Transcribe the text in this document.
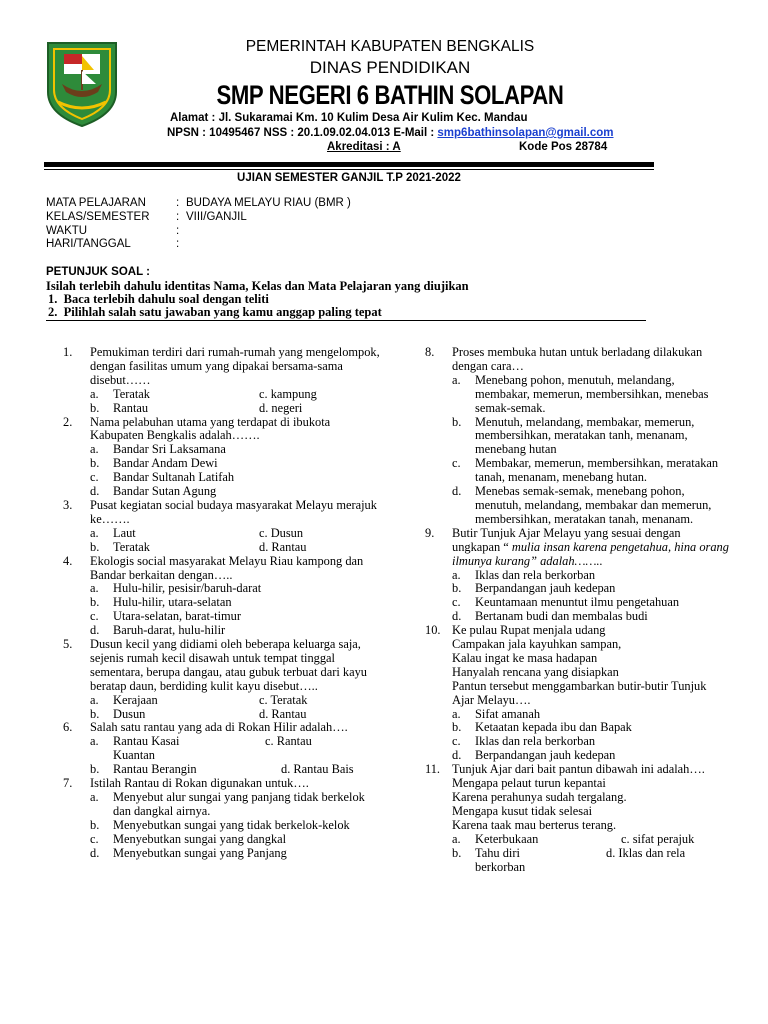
PEMERINTAH KABUPATEN BENGKALIS
DINAS PENDIDIKAN
SMP NEGERI 6 BATHIN SOLAPAN
Alamat : Jl. Sukaramai Km. 10 Kulim Desa Air Kulim Kec. Mandau
NPSN : 10495467 NSS : 20.1.09.02.04.013 E-Mail : smp6bathinsolapan@gmail.com
Akreditasi : A	Kode Pos 28784
UJIAN SEMESTER GANJIL T.P 2021-2022
MATA PELAJARAN	: BUDAYA MELAYU RIAU (BMR )
KELAS/SEMESTER : VIII/GANJIL
WAKTU	:
HARI/TANGGAL	:
PETUNJUK SOAL :
Isilah terlebih dahulu identitas Nama, Kelas dan Mata Pelajaran yang diujikan
1. Baca terlebih dahulu soal dengan teliti
2. Pilihlah salah satu jawaban yang kamu anggap paling tepat
1. Pemukiman terdiri dari rumah-rumah yang mengelompok, dengan fasilitas umum yang dipakai bersama-sama disebut……
a. Teratak	c. kampung
b. Rantau	d. negeri
2. Nama pelabuhan utama yang terdapat di ibukota Kabupaten Bengkalis adalah…….
a. Bandar Sri Laksamana
b. Bandar Andam Dewi
c. Bandar Sultanah Latifah
d. Bandar Sutan Agung
3. Pusat kegiatan social budaya masyarakat Melayu merajuk ke…….
a. Laut	c. Dusun
b. Teratak	d. Rantau
4. Ekologis social masyarakat Melayu Riau kampong dan Bandar berkaitan dengan…..
a. Hulu-hilir, pesisir/baruh-darat
b. Hulu-hilir, utara-selatan
c. Utara-selatan, barat-timur
d. Baruh-darat, hulu-hilir
5. Dusun kecil yang didiami oleh beberapa keluarga saja, sejenis rumah kecil disawah untuk tempat tinggal sementara, berupa dangau, atau gubuk terbuat dari kayu beratap daun, berdiding kulit kayu disebut…..
a. Kerajaan	c. Teratak
b. Dusun	d. Rantau
6. Salah satu rantau yang ada di Rokan Hilir adalah….
a. Rantau Kasai	c. Rantau
Kuantan
b. Rantau Berangin	d. Rantau Bais
7. Istilah Rantau di Rokan digunakan untuk….
a. Menyebut alur sungai yang panjang tidak berkelok dan dangkal airnya.
b. Menyebutkan sungai yang tidak berkelok-kelok
c. Menyebutkan sungai yang dangkal
d. Menyebutkan sungai yang Panjang
8. Proses membuka hutan untuk berladang dilakukan dengan cara…
a. Menebang pohon, menutuh, melandang, membakar, memerun, membersihkan, menebas semak-semak.
b. Menutuh, melandang, membakar, memerun, membersihkan, meratakan tanh, menanam, menebang hutan
c. Membakar, memerun, membersihkan, meratakan tanah, menanam, menebang hutan.
d. Menebas semak-semak, menebang pohon, menutuh, melandang, membakar dan memerun, membersihkan, meratakan tanah, menanam.
9. Butir Tunjuk Ajar Melayu yang sesuai dengan ungkapan “ mulia insan karena pengetahua, hina orang ilmunya kurang” adalah……..
a. Iklas dan rela berkorban
b. Berpandangan jauh kedepan
c. Keuntamaan menuntut ilmu pengetahuan
d. Bertanam budi dan membalas budi
10. Ke pulau Rupat menjala udang
Campakan jala kayuhkan sampan,
Kalau ingat ke masa hadapan
Hanyalah rencana yang disiapkan
Pantun tersebut menggambarkan butir-butir Tunjuk Ajar Melayu….
a. Sifat amanah
b. Ketaatan kepada ibu dan Bapak
c. Iklas dan rela berkorban
d. Berpandangan jauh kedepan
11. Tunjuk Ajar dari bait pantun dibawah ini adalah….
Mengapa pelaut turun kepantai
Karena perahunya sudah tergalang.
Mengapa kusut tidak selesai
Karena taak mau berterus terang.
a. Keterbukaan	c. sifat perajuk
b. Tahu diri	d. Iklas dan rela
berkorban
